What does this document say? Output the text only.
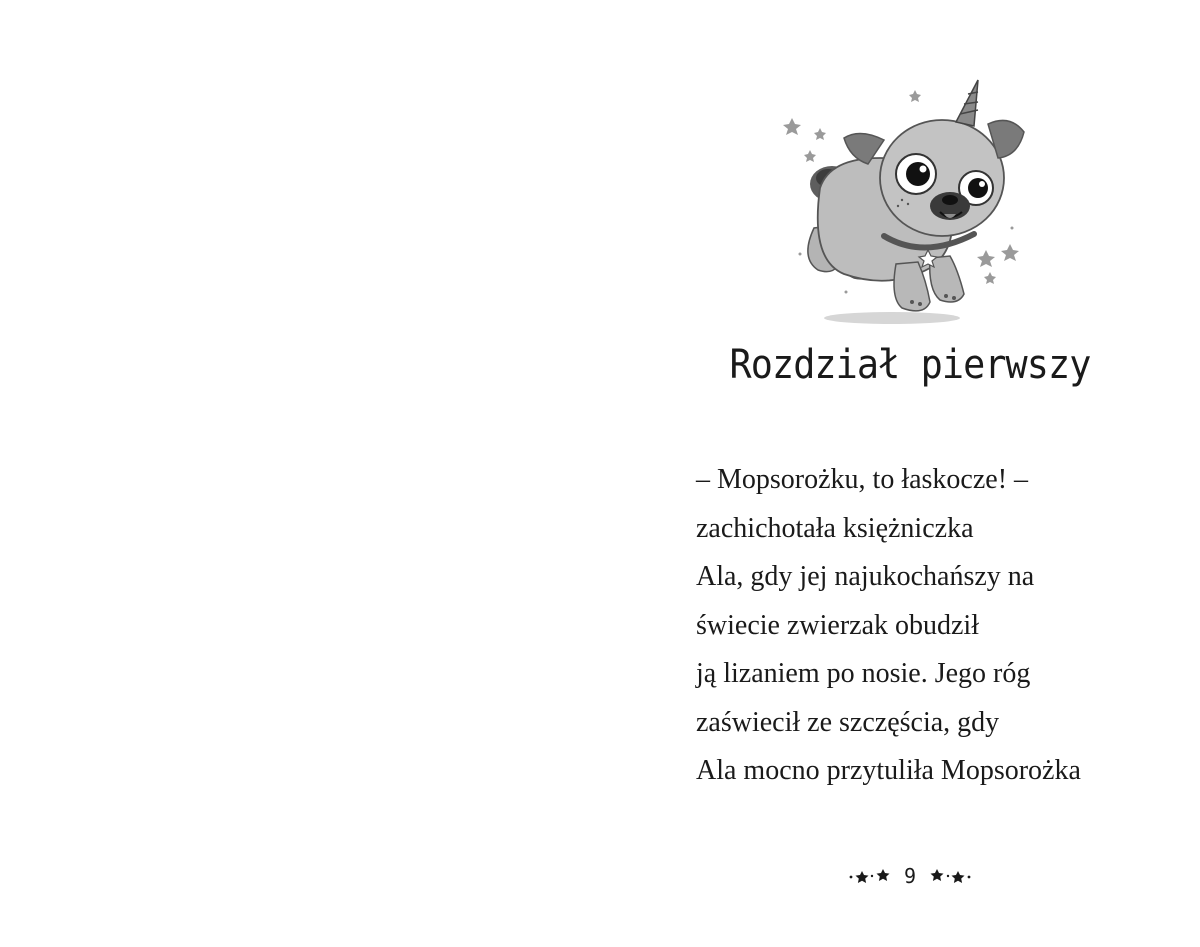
Rozdział pierwszy

– Mopsorożku, to łaskocze! –
zachichotała księżniczka
Ala, gdy jej najukochańszy na
świecie zwierzak obudził
ją lizaniem po nosie. Jego róg
zaświecił ze szczęścia, gdy
Ala mocno przytuliła Mopsorożka

9
